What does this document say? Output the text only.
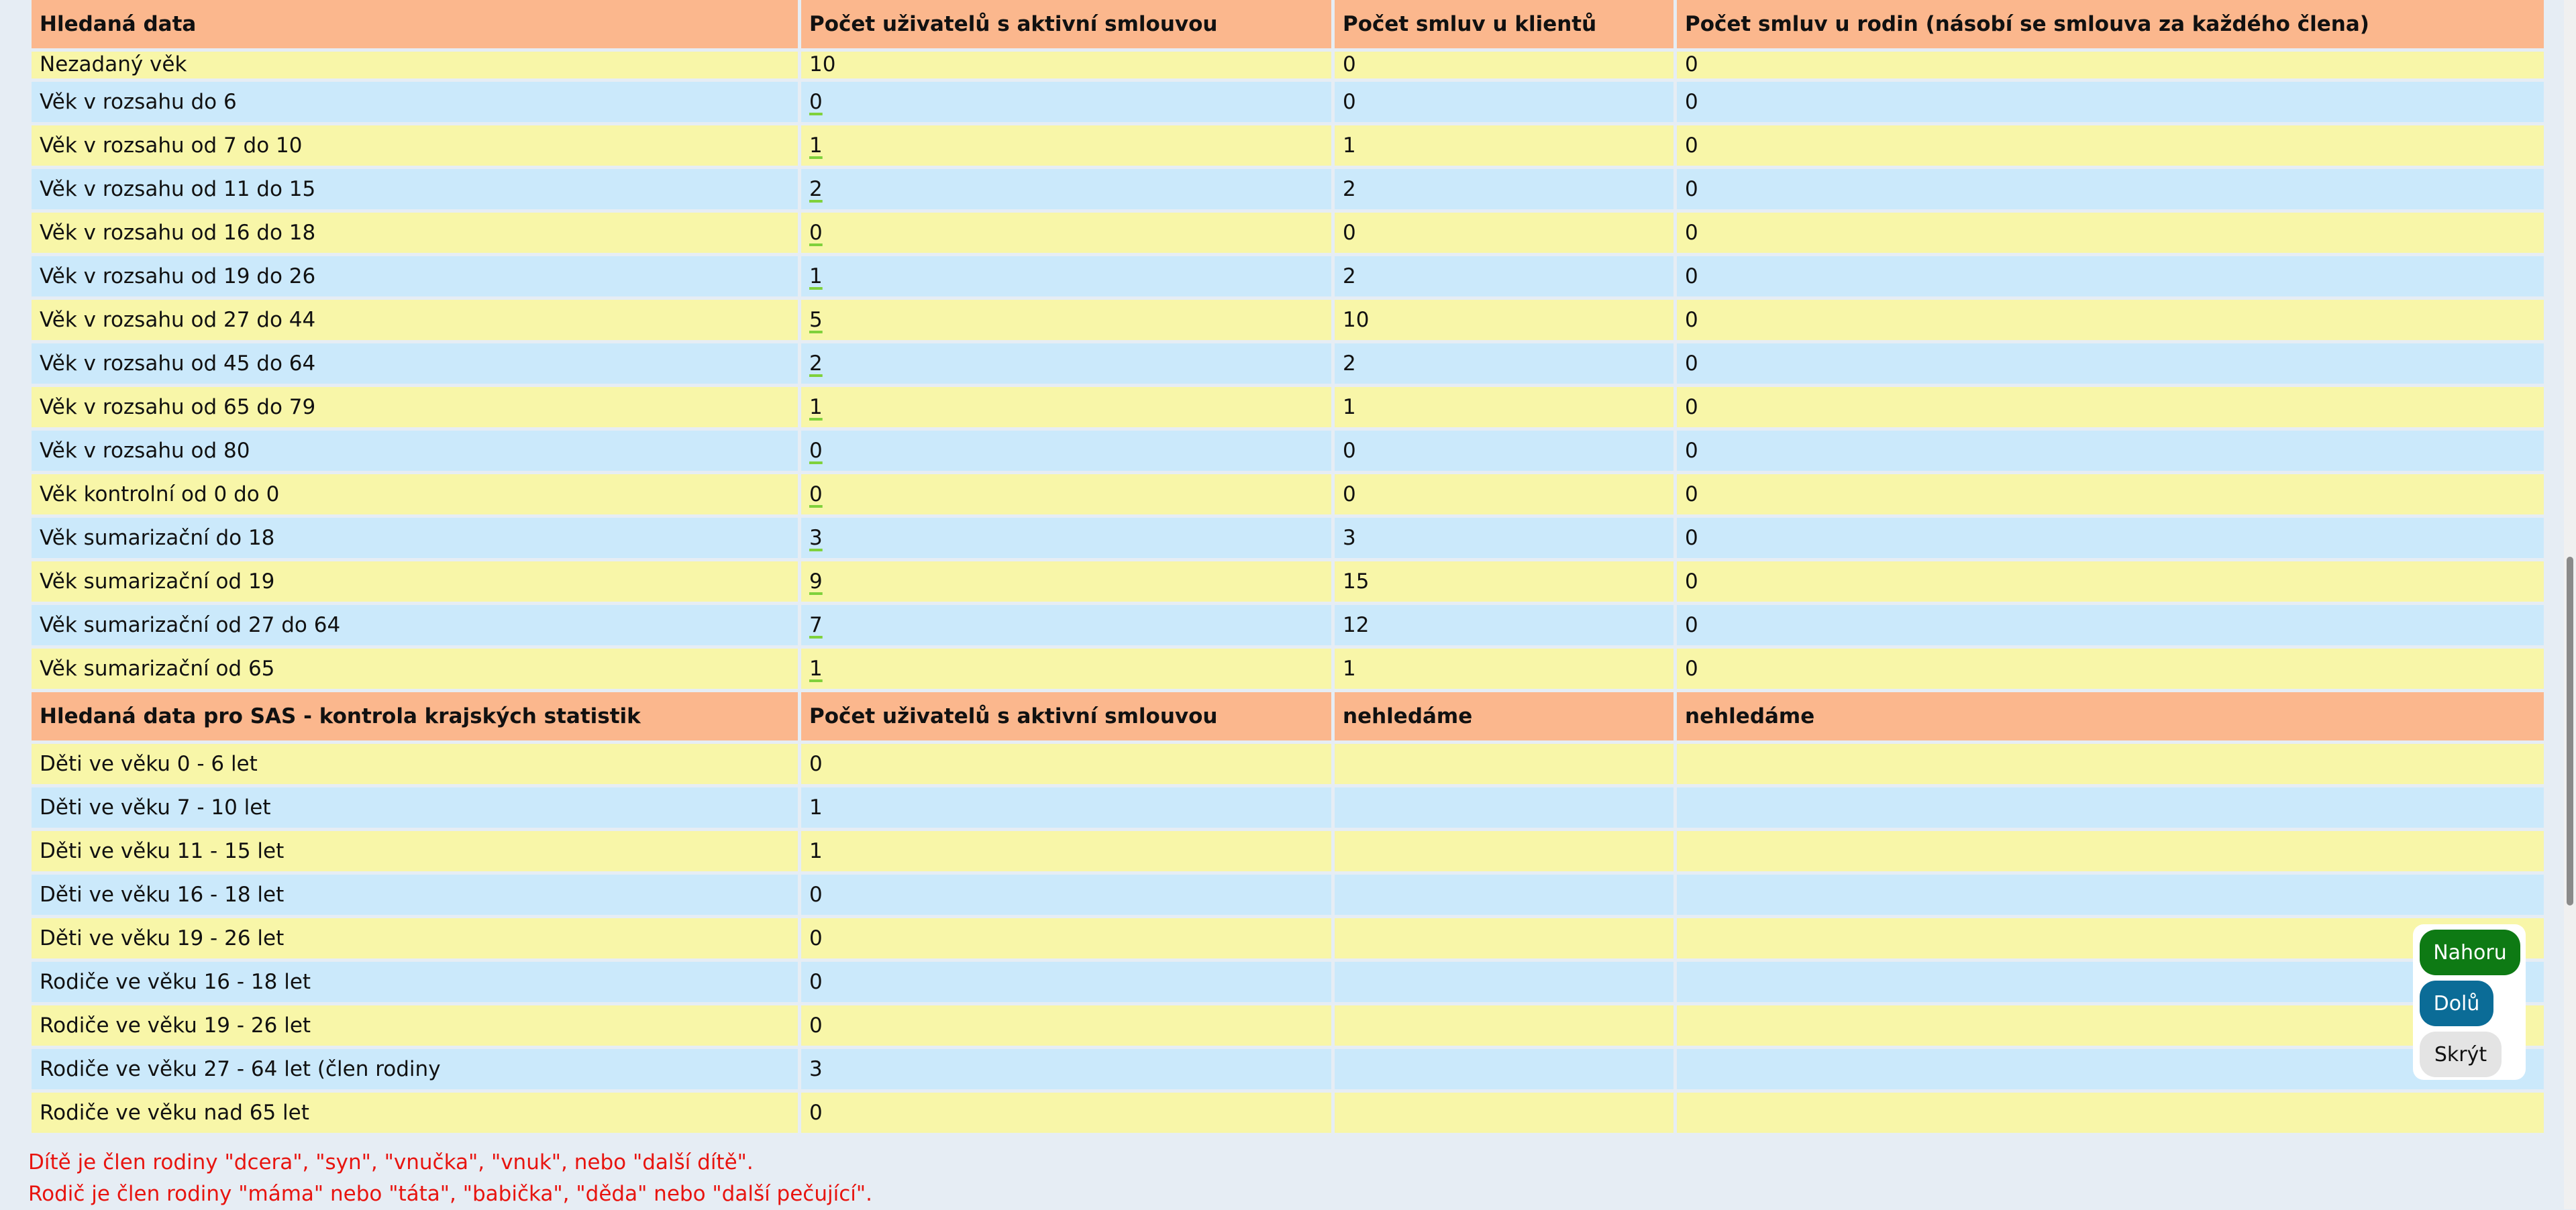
Hledaná data	Počet uživatelů s aktivní smlouvou	Počet smluv u klientů	Počet smluv u rodin (násobí se smlouva za každého člena)
Nezadaný věk	10	0	0
Věk v rozsahu do 6	0	0	0
Věk v rozsahu od 7 do 10	1	1	0
Věk v rozsahu od 11 do 15	2	2	0
Věk v rozsahu od 16 do 18	0	0	0
Věk v rozsahu od 19 do 26	1	2	0
Věk v rozsahu od 27 do 44	5	10	0
Věk v rozsahu od 45 do 64	2	2	0
Věk v rozsahu od 65 do 79	1	1	0
Věk v rozsahu od 80	0	0	0
Věk kontrolní od 0 do 0	0	0	0
Věk sumarizační do 18	3	3	0
Věk sumarizační od 19	9	15	0
Věk sumarizační od 27 do 64	7	12	0
Věk sumarizační od 65	1	1	0
Hledaná data pro SAS - kontrola krajských statistik	Počet uživatelů s aktivní smlouvou	nehledáme	nehledáme
Děti ve věku 0 - 6 let	0		
Děti ve věku 7 - 10 let	1		
Děti ve věku 11 - 15 let	1		
Děti ve věku 16 - 18 let	0		
Děti ve věku 19 - 26 let	0		
Rodiče ve věku 16 - 18 let	0		
Rodiče ve věku 19 - 26 let	0		
Rodiče ve věku 27 - 64 let (člen rodiny	3		
Rodiče ve věku nad 65 let	0		
Dítě je člen rodiny "dcera", "syn", "vnučka", "vnuk", nebo "další dítě".
Rodič je člen rodiny "máma" nebo "táta", "babička", "děda" nebo "další pečující".
Nahoru
Dolů
Skrýt
